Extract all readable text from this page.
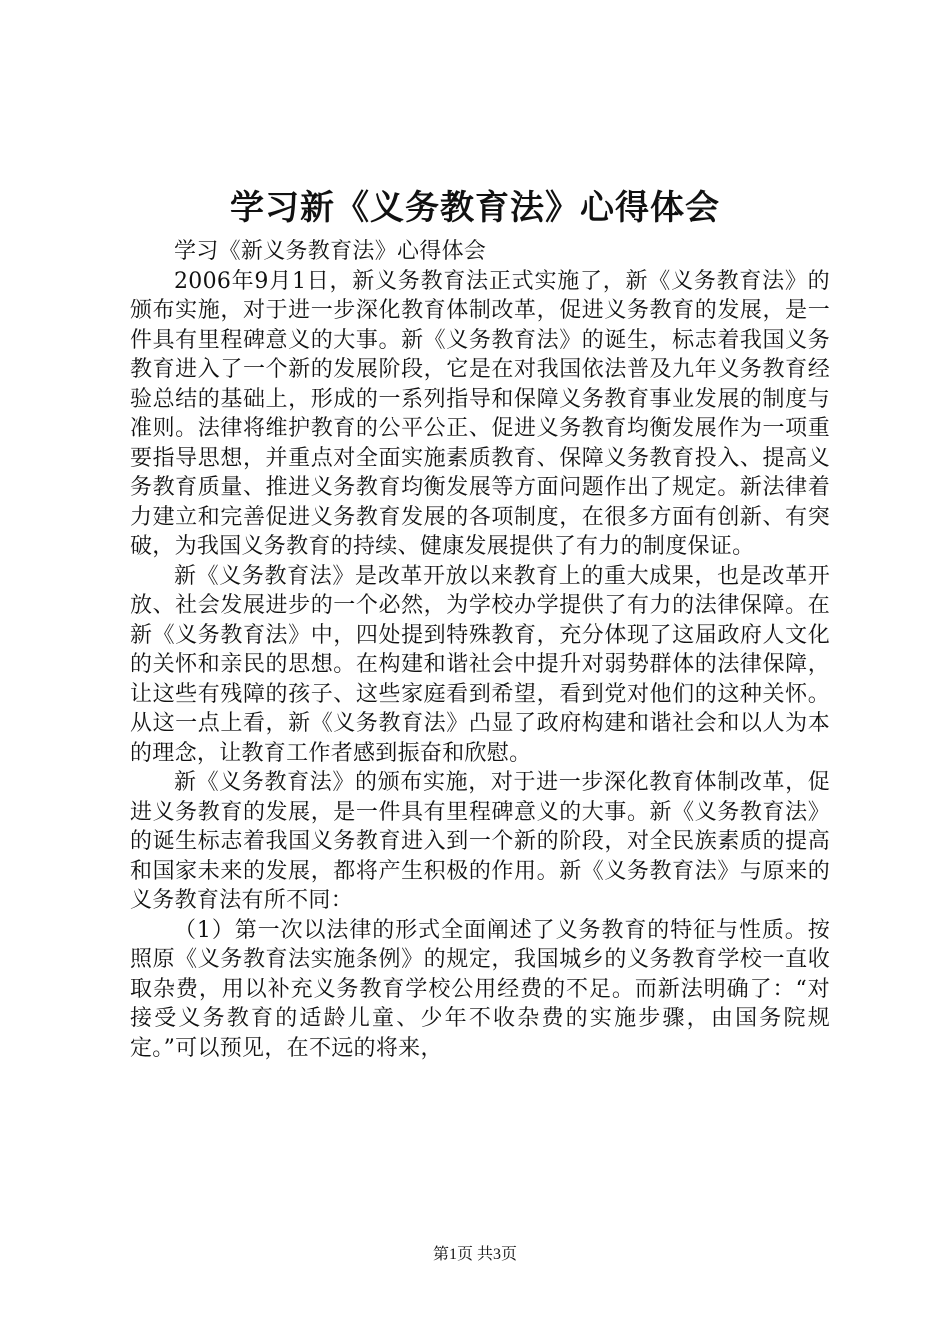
学习新《义务教育法》心得体会

学习《新义务教育法》心得体会

2006年9月1日，新义务教育法正式实施了，新《义务教育法》的颁布实施，对于进一步深化教育体制改革，促进义务教育的发展，是一件具有里程碑意义的大事。新《义务教育法》的诞生，标志着我国义务教育进入了一个新的发展阶段，它是在对我国依法普及九年义务教育经验总结的基础上，形成的一系列指导和保障义务教育事业发展的制度与准则。法律将维护教育的公平公正、促进义务教育均衡发展作为一项重要指导思想，并重点对全面实施素质教育、保障义务教育投入、提高义务教育质量、推进义务教育均衡发展等方面问题作出了规定。新法律着力建立和完善促进义务教育发展的各项制度，在很多方面有创新、有突破，为我国义务教育的持续、健康发展提供了有力的制度保证。

新《义务教育法》是改革开放以来教育上的重大成果，也是改革开放、社会发展进步的一个必然，为学校办学提供了有力的法律保障。在新《义务教育法》中，四处提到特殊教育，充分体现了这届政府人文化的关怀和亲民的思想。在构建和谐社会中提升对弱势群体的法律保障，让这些有残障的孩子、这些家庭看到希望，看到党对他们的这种关怀。从这一点上看，新《义务教育法》凸显了政府构建和谐社会和以人为本的理念，让教育工作者感到振奋和欣慰。

新《义务教育法》的颁布实施，对于进一步深化教育体制改革，促进义务教育的发展，是一件具有里程碑意义的大事。新《义务教育法》的诞生标志着我国义务教育进入到一个新的阶段，对全民族素质的提高和国家未来的发展，都将产生积极的作用。新《义务教育法》与原来的义务教育法有所不同：

（1）第一次以法律的形式全面阐述了义务教育的特征与性质。按照原《义务教育法实施条例》的规定，我国城乡的义务教育学校一直收取杂费，用以补充义务教育学校公用经费的不足。而新法明确了：“对接受义务教育的适龄儿童、少年不收杂费的实施步骤，由国务院规定。”可以预见，在不远的将来，

第1页 共3页
